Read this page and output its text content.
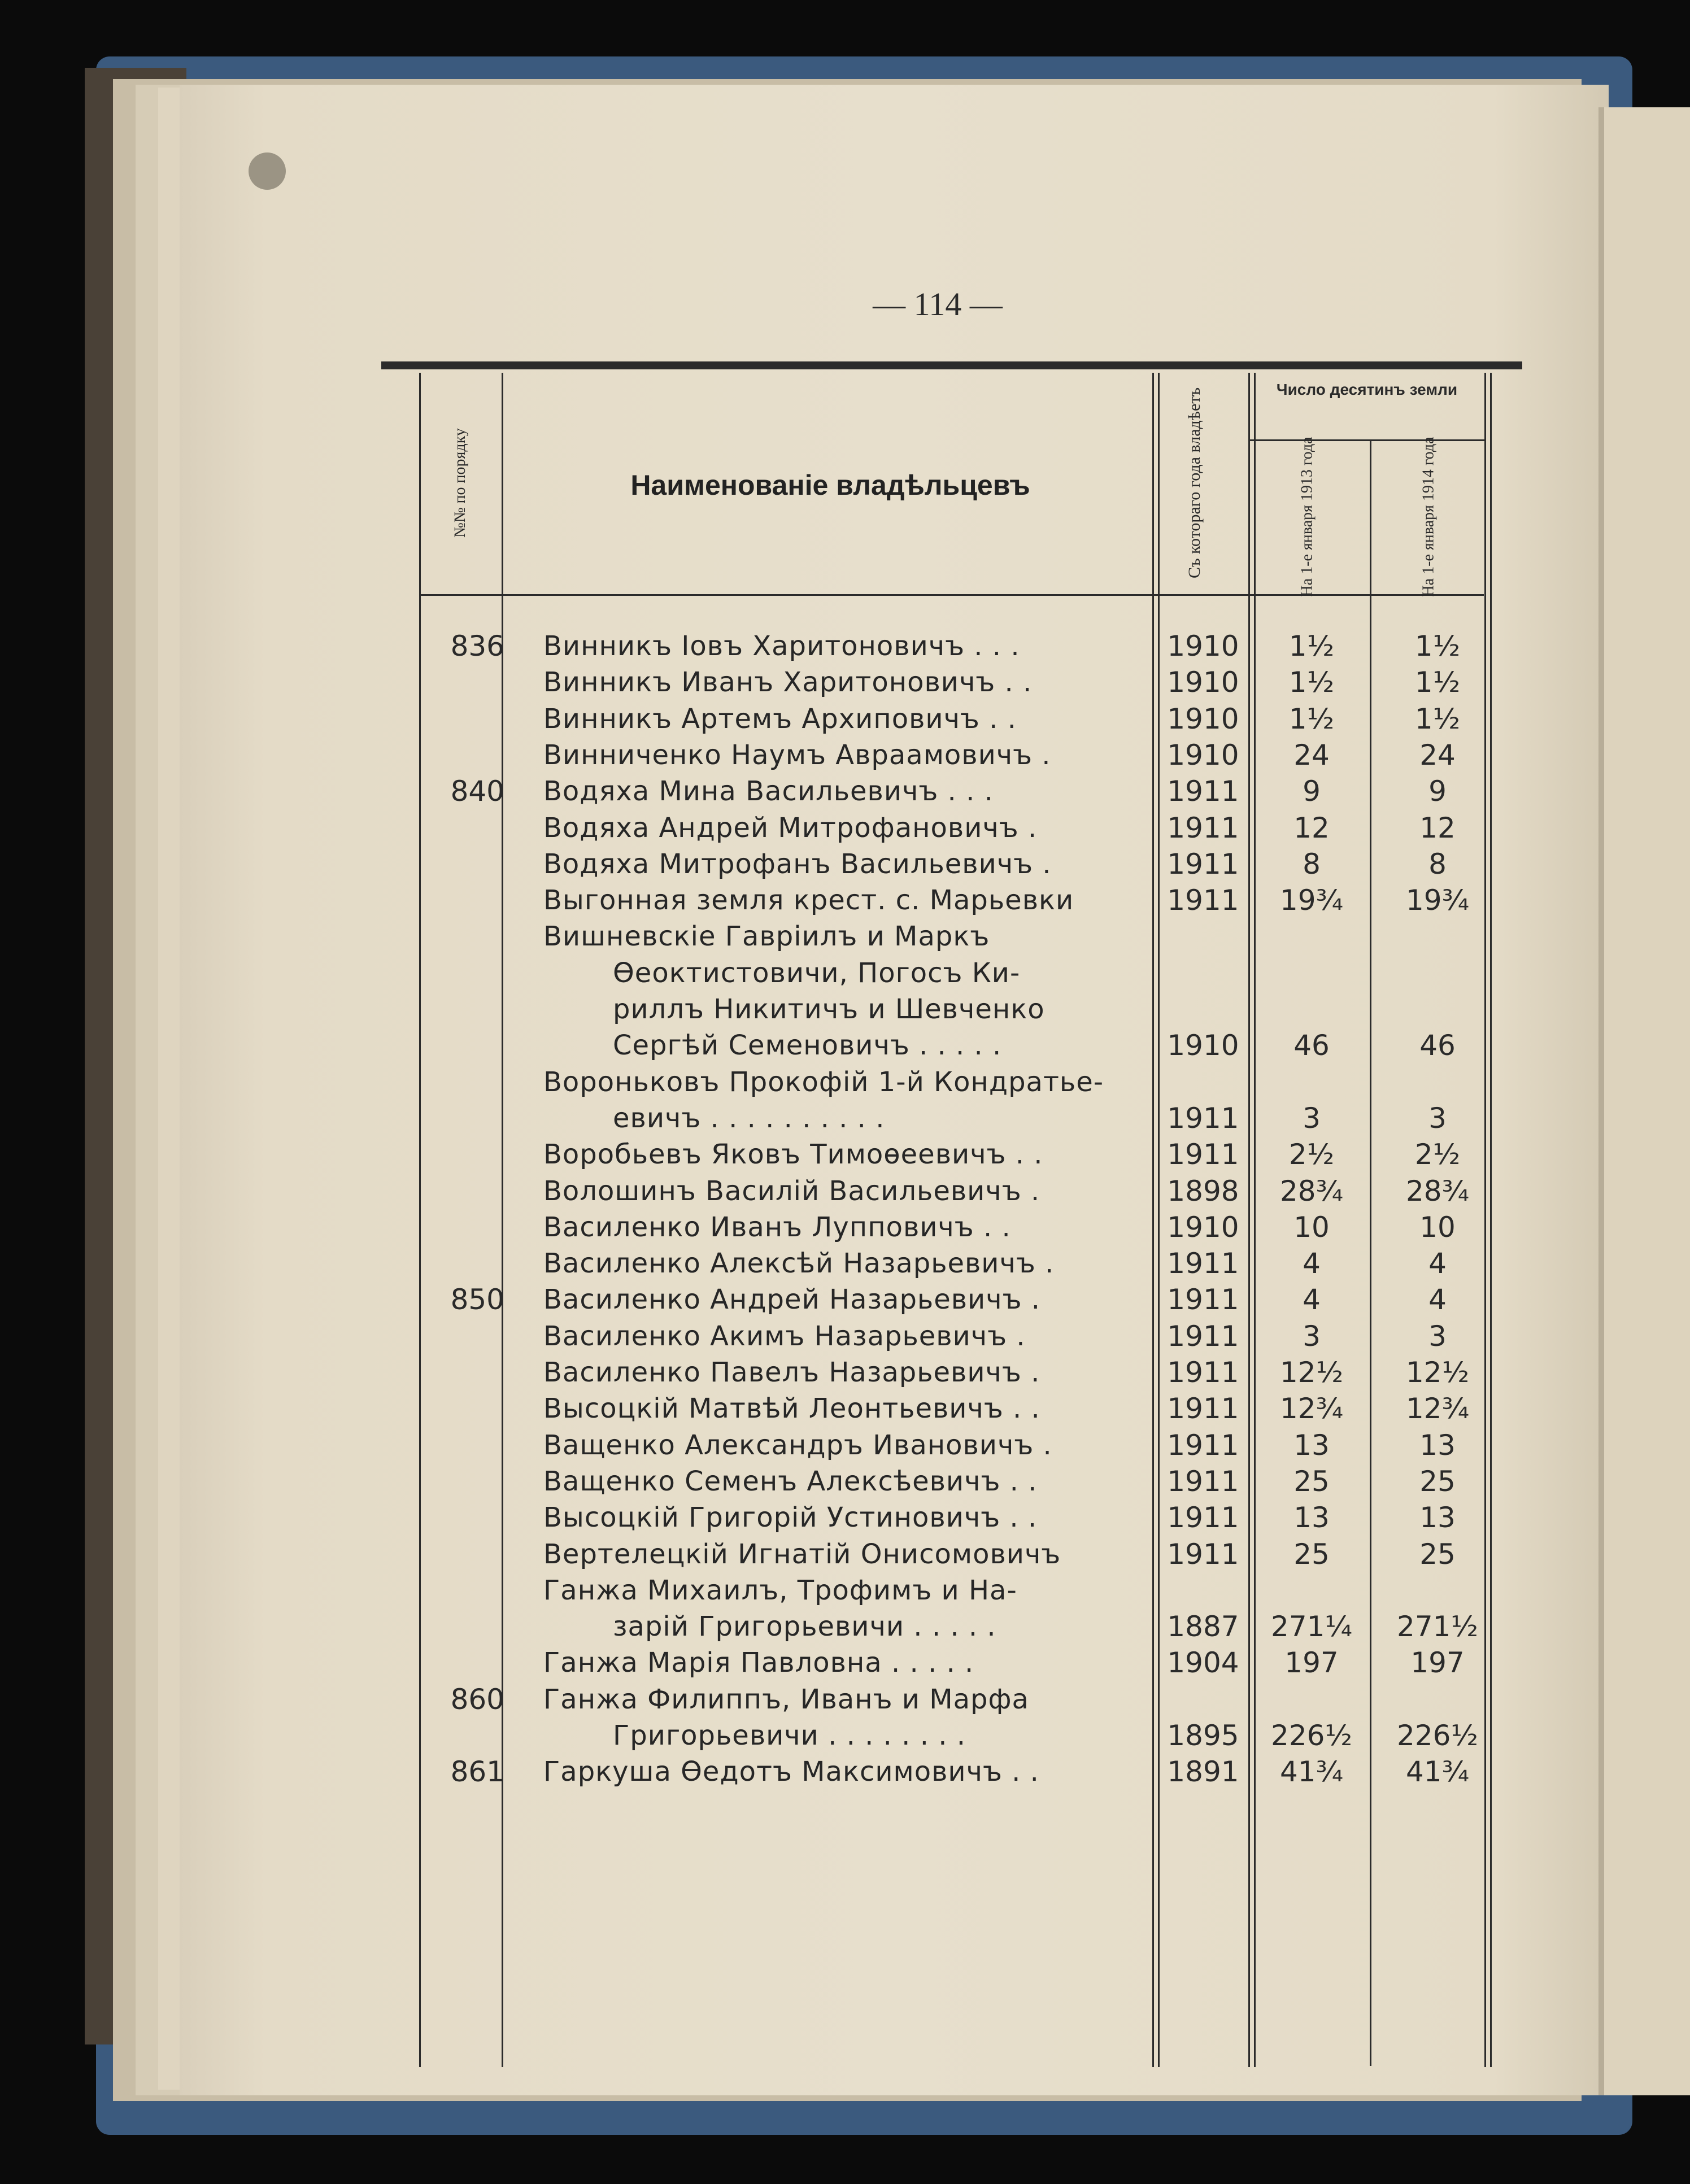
— 114 —
№№ по порядку	Наименованіе владѣльцевъ	Съ котораго года владѣетъ	Число десятинъ земли
На 1-е января 1913 года	На 1-е января 1914 года
836 Винникъ Іовъ Харитоновичъ . . .	1910	1½	1½
Винникъ Иванъ Харитоновичъ . .	1910	1½	1½
Винникъ Артемъ Архиповичъ . .	1910	1½	1½
Винниченко Наумъ Авраамовичъ .	1910	24	24
840 Водяха Мина Васильевичъ . . .	1911	9	9
Водяха Андрей Митрофановичъ .	1911	12	12
Водяха Митрофанъ Васильевичъ .	1911	8	8
Выгонная земля крест. с. Марьевки	1911	19¾	19¾
Вишневскіе Гавріилъ и Маркъ
Ѳеоктистовичи, Погосъ Ки-
риллъ Никитичъ и Шевченко
Сергѣй Семеновичъ . . . . .	1910	46	46
Вороньковъ Прокофій 1-й Кондратье-
евичъ . . . . . . . . . .	1911	3	3
Воробьевъ Яковъ Тимоѳеевичъ . .	1911	2½	2½
Волошинъ Василій Васильевичъ .	1898	28¾	28¾
Василенко Иванъ Лупповичъ . .	1910	10	10
Василенко Алексѣй Назарьевичъ .	1911	4	4
850 Василенко Андрей Назарьевичъ .	1911	4	4
Василенко Акимъ Назарьевичъ .	1911	3	3
Василенко Павелъ Назарьевичъ .	1911	12½	12½
Высоцкій Матвѣй Леонтьевичъ . .	1911	12¾	12¾
Ващенко Александръ Ивановичъ .	1911	13	13
Ващенко Семенъ Алексѣевичъ . .	1911	25	25
Высоцкій Григорій Устиновичъ . .	1911	13	13
Вертелецкій Игнатій Онисомовичъ	1911	25	25
Ганжа Михаилъ, Трофимъ и На-
зарій Григорьевичи . . . . .	1887	271¼	271½
Ганжа Марія Павловна . . . . .	1904	197	197
860 Ганжа Филиппъ, Иванъ и Марфа
Григорьевичи . . . . . . . .	1895	226½	226½
861 Гаркуша Ѳедотъ Максимовичъ . .	1891	41¾	41¾
